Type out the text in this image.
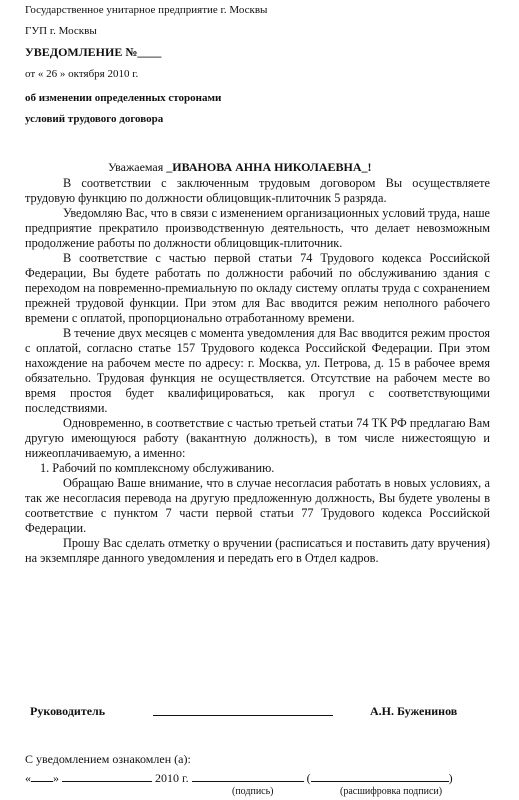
Государственное унитарное предприятие г. Москвы
ГУП г. Москвы
УВЕДОМЛЕНИЕ №____
от « 26 » октября 2010 г.
об изменении определенных сторонами
условий трудового договора
Уважаемая _ИВАНОВА АННА НИКОЛАЕВНА_!

В соответствии с заключенным трудовым договором Вы осуществляете трудовую функцию по должности облицовщик-плиточник 5 разряда.

Уведомляю Вас, что в связи с изменением организационных условий труда, наше предприятие прекратило производственную деятельность, что делает невозможным продолжение работы по должности облицовщик-плиточник.

В соответствие с частью первой статьи 74 Трудового кодекса Российской Федерации, Вы будете работать по должности рабочий по обслуживанию здания с переходом на повременно-премиальную по окладу систему оплаты труда с сохранением прежней трудовой функции. При этом для Вас вводится режим неполного рабочего времени с оплатой, пропорционально отработанному времени.

В течение двух месяцев с момента уведомления для Вас вводится режим простоя с оплатой, согласно статье 157 Трудового кодекса Российской Федерации. При этом нахождение на рабочем месте по адресу: г. Москва, ул. Петрова, д. 15 в рабочее время обязательно. Трудовая функция не осуществляется. Отсутствие на рабочем месте во время простоя будет квалифицироваться, как прогул с соответствующими последствиями.

Одновременно, в соответствие с частью третьей статьи 74 ТК РФ предлагаю Вам другую имеющуюся работу (вакантную должность), в том числе нижестоящую и нижеоплачиваемую, а именно:

1. Рабочий по комплексному обслуживанию.

Обращаю Ваше внимание, что в случае несогласия работать в новых условиях, а так же несогласия перевода на другую предложенную должность, Вы будете уволены в соответствие с пунктом 7 части первой статьи 77 Трудового кодекса Российской Федерации.

Прошу Вас сделать отметку о вручении (расписаться и поставить дату вручения) на экземпляре данного уведомления и передать его в Отдел кадров.

Руководитель	А.Н. Буженинов
С уведомлением ознакомлен (а):
« »	2010 г.	(	)
(подпись)	(расшифровка подписи)
